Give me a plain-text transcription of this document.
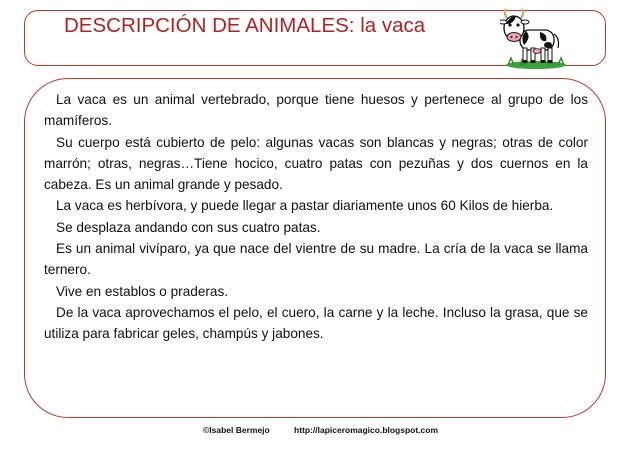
DESCRIPCIÓN DE ANIMALES: la vaca

La vaca es un animal vertebrado, porque tiene huesos y pertenece al grupo de los mamíferos.

Su cuerpo está cubierto de pelo: algunas vacas son blancas y negras; otras de color marrón; otras, negras…Tiene hocico, cuatro patas con pezuñas y dos cuernos en la cabeza. Es un animal grande y pesado.

La vaca es herbívora, y puede llegar a pastar diariamente unos 60 Kilos de hierba.

Se desplaza andando con sus cuatro patas.

Es un animal vivíparo, ya que nace del vientre de su madre. La cría de la vaca se llama ternero.

Vive en establos o praderas.

De la vaca aprovechamos el pelo, el cuero, la carne y la leche. Incluso la grasa, que se utiliza para fabricar geles, champús y jabones.

©Isabel Bermejo	http://lapiceromagico.blogspot.com
